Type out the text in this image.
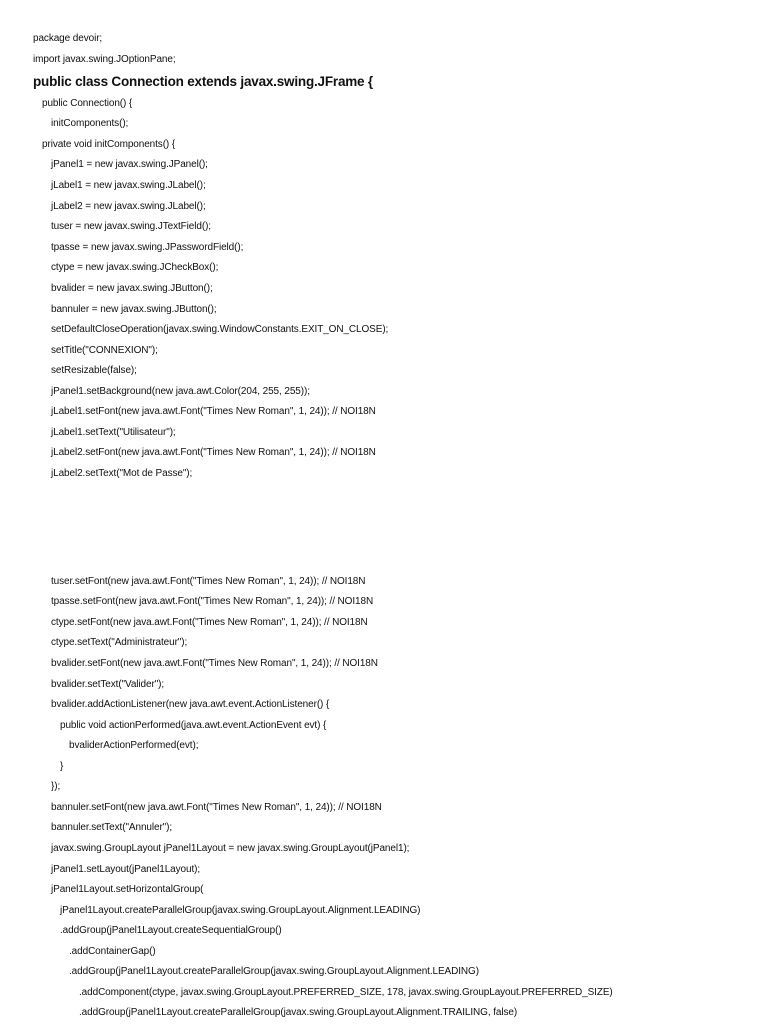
package devoir;
import javax.swing.JOptionPane;
public class Connection extends javax.swing.JFrame {
public Connection() {
initComponents();
private void initComponents() {
jPanel1 = new javax.swing.JPanel();
jLabel1 = new javax.swing.JLabel();
jLabel2 = new javax.swing.JLabel();
tuser = new javax.swing.JTextField();
tpasse = new javax.swing.JPasswordField();
ctype = new javax.swing.JCheckBox();
bvalider = new javax.swing.JButton();
bannuler = new javax.swing.JButton();
setDefaultCloseOperation(javax.swing.WindowConstants.EXIT_ON_CLOSE);
setTitle("CONNEXION");
setResizable(false);
jPanel1.setBackground(new java.awt.Color(204, 255, 255));
jLabel1.setFont(new java.awt.Font("Times New Roman", 1, 24)); // NOI18N
jLabel1.setText("Utilisateur");
jLabel2.setFont(new java.awt.Font("Times New Roman", 1, 24)); // NOI18N
jLabel2.setText("Mot de Passe");
tuser.setFont(new java.awt.Font("Times New Roman", 1, 24)); // NOI18N
tpasse.setFont(new java.awt.Font("Times New Roman", 1, 24)); // NOI18N
ctype.setFont(new java.awt.Font("Times New Roman", 1, 24)); // NOI18N
ctype.setText("Administrateur");
bvalider.setFont(new java.awt.Font("Times New Roman", 1, 24)); // NOI18N
bvalider.setText("Valider");
bvalider.addActionListener(new java.awt.event.ActionListener() {
public void actionPerformed(java.awt.event.ActionEvent evt) {
bvaliderActionPerformed(evt);
}
});
bannuler.setFont(new java.awt.Font("Times New Roman", 1, 24)); // NOI18N
bannuler.setText("Annuler");
javax.swing.GroupLayout jPanel1Layout = new javax.swing.GroupLayout(jPanel1);
jPanel1.setLayout(jPanel1Layout);
jPanel1Layout.setHorizontalGroup(
jPanel1Layout.createParallelGroup(javax.swing.GroupLayout.Alignment.LEADING)
.addGroup(jPanel1Layout.createSequentialGroup()
.addContainerGap()
.addGroup(jPanel1Layout.createParallelGroup(javax.swing.GroupLayout.Alignment.LEADING)
.addComponent(ctype, javax.swing.GroupLayout.PREFERRED_SIZE, 178, javax.swing.GroupLayout.PREFERRED_SIZE)
.addGroup(jPanel1Layout.createParallelGroup(javax.swing.GroupLayout.Alignment.TRAILING, false)
